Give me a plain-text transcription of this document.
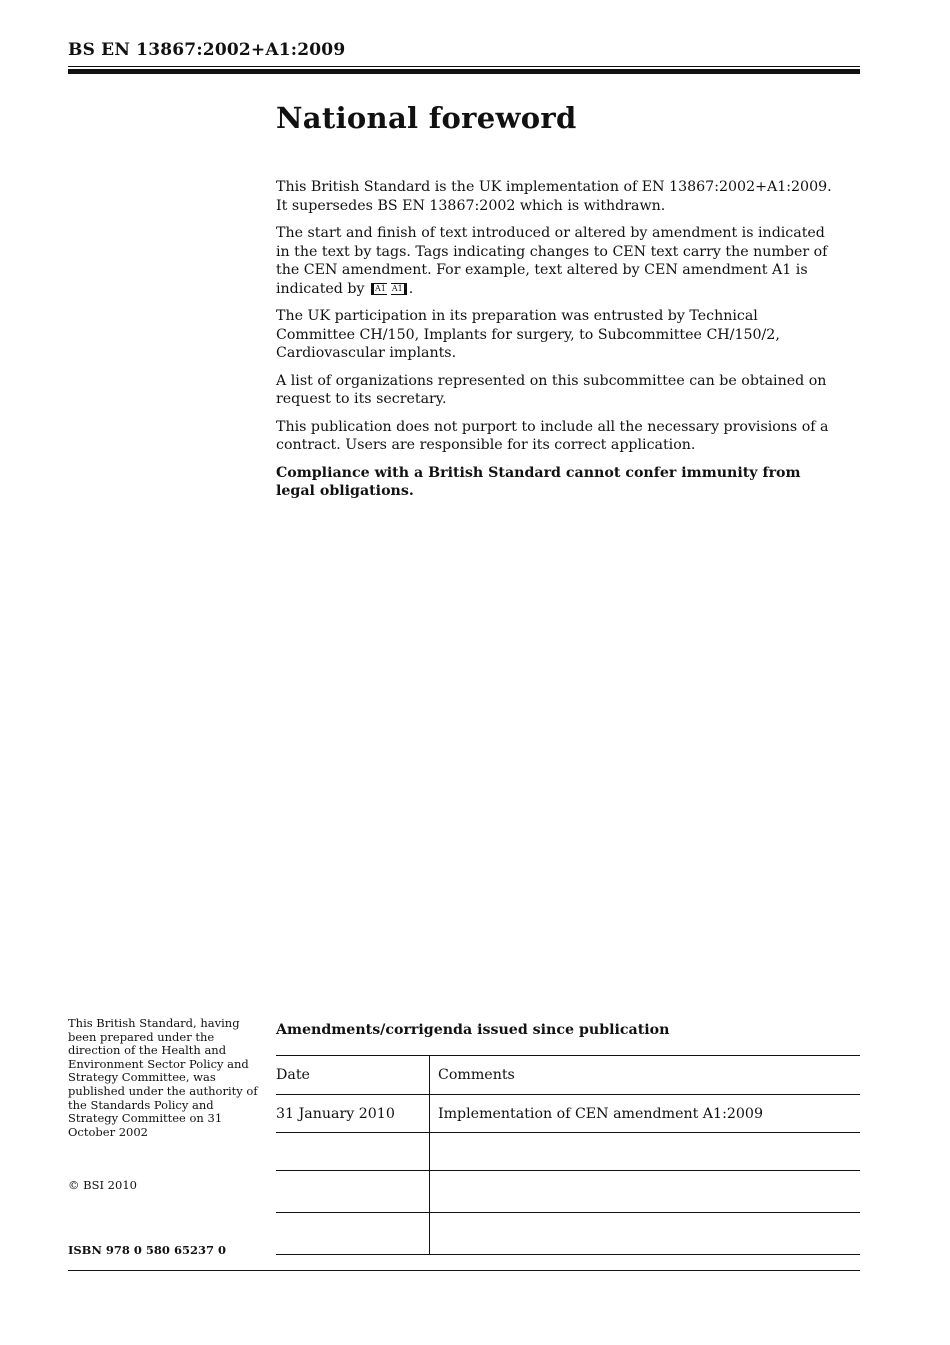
BS EN 13867:2002+A1:2009
National foreword

This British Standard is the UK implementation of EN 13867:2002+A1:2009. It supersedes BS EN 13867:2002 which is withdrawn.

The start and finish of text introduced or altered by amendment is indicated in the text by tags. Tags indicating changes to CEN text carry the number of the CEN amendment. For example, text altered by CEN amendment A1 is indicated by A1 A1 .

The UK participation in its preparation was entrusted by Technical Committee CH/150, Implants for surgery, to Subcommittee CH/150/2, Cardiovascular implants.

A list of organizations represented on this subcommittee can be obtained on request to its secretary.

This publication does not purport to include all the necessary provisions of a contract. Users are responsible for its correct application.

Compliance with a British Standard cannot confer immunity from legal obligations.

This British Standard, having been prepared under the direction of the Health and Environment Sector Policy and Strategy Committee, was published under the authority of the Standards Policy and Strategy Committee on 31 October 2002
© BSI 2010
ISBN 978 0 580 65237 0
Amendments/corrigenda issued since publication
Date	Comments
31 January 2010	Implementation of CEN amendment A1:2009
